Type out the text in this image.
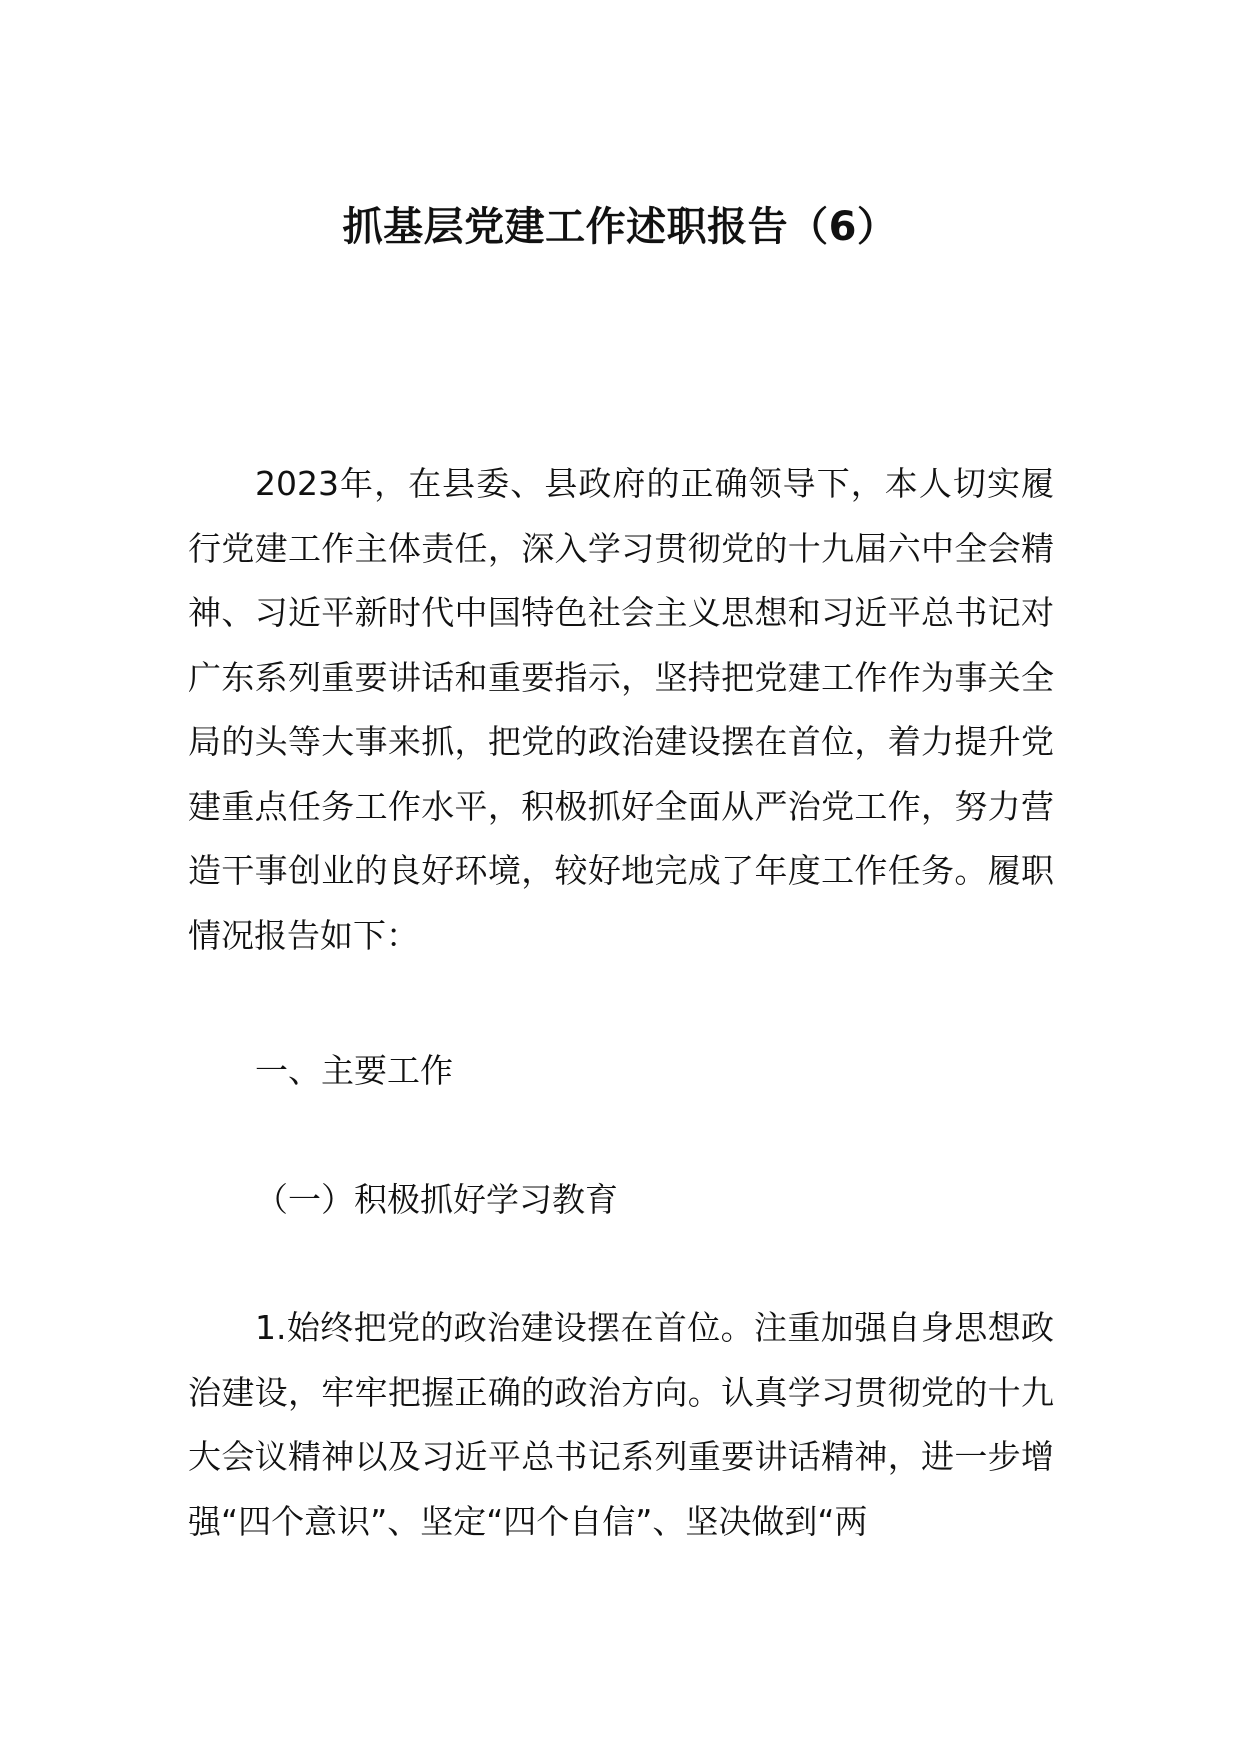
抓基层党建工作述职报告（6）

2023年，在县委、县政府的正确领导下，本人切实履行党建工作主体责任，深入学习贯彻党的十九届六中全会精神、习近平新时代中国特色社会主义思想和习近平总书记对广东系列重要讲话和重要指示，坚持把党建工作作为事关全局的头等大事来抓，把党的政治建设摆在首位，着力提升党建重点任务工作水平，积极抓好全面从严治党工作，努力营造干事创业的良好环境，较好地完成了年度工作任务。履职情况报告如下：

一、主要工作

（一）积极抓好学习教育

1.始终把党的政治建设摆在首位。注重加强自身思想政治建设，牢牢把握正确的政治方向。认真学习贯彻党的十九大会议精神以及习近平总书记系列重要讲话精神，进一步增强“四个意识”、坚定“四个自信”、坚决做到“两
